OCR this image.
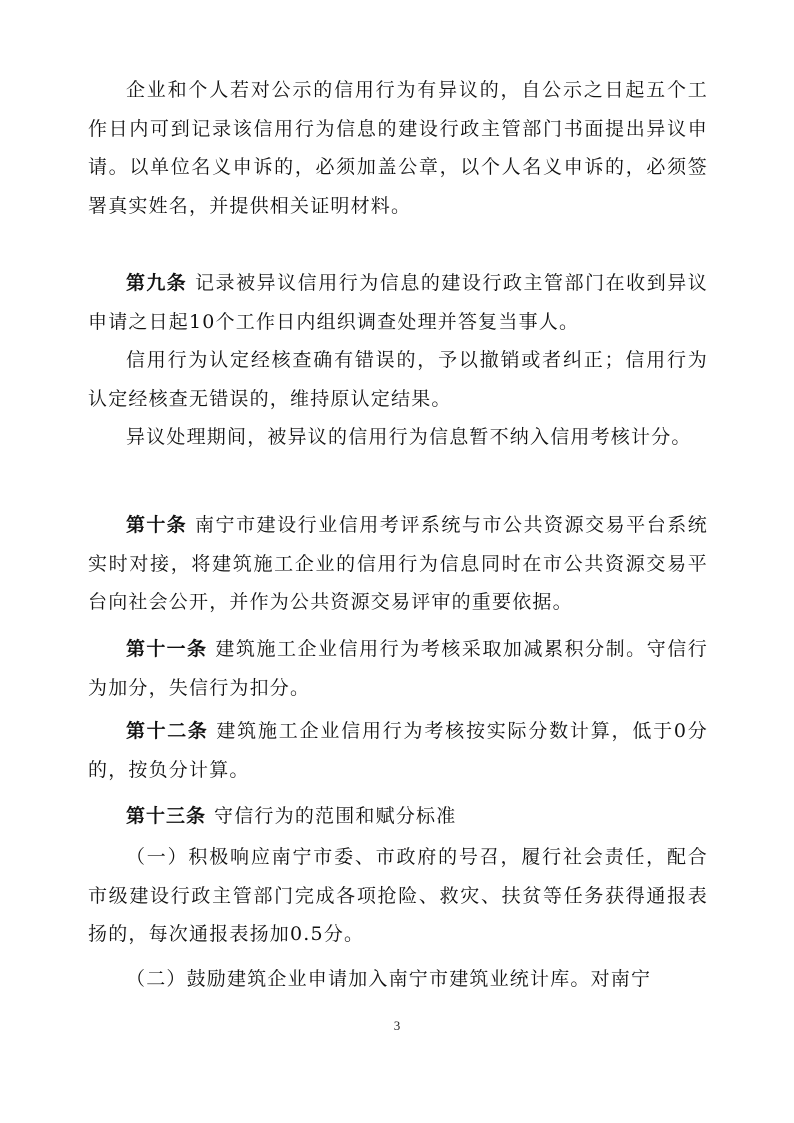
企业和个人若对公示的信用行为有异议的，自公示之日起五个工作日内可到记录该信用行为信息的建设行政主管部门书面提出异议申请。以单位名义申诉的，必须加盖公章，以个人名义申诉的，必须签署真实姓名，并提供相关证明材料。

第九条 记录被异议信用行为信息的建设行政主管部门在收到异议申请之日起10个工作日内组织调查处理并答复当事人。

信用行为认定经核查确有错误的，予以撤销或者纠正；信用行为认定经核查无错误的，维持原认定结果。

异议处理期间，被异议的信用行为信息暂不纳入信用考核计分。

第十条 南宁市建设行业信用考评系统与市公共资源交易平台系统实时对接，将建筑施工企业的信用行为信息同时在市公共资源交易平台向社会公开，并作为公共资源交易评审的重要依据。

第十一条 建筑施工企业信用行为考核采取加减累积分制。守信行为加分，失信行为扣分。

第十二条 建筑施工企业信用行为考核按实际分数计算，低于0分的，按负分计算。

第十三条 守信行为的范围和赋分标准

（一）积极响应南宁市委、市政府的号召，履行社会责任，配合市级建设行政主管部门完成各项抢险、救灾、扶贫等任务获得通报表扬的，每次通报表扬加0.5分。

（二）鼓励建筑企业申请加入南宁市建筑业统计库。对南宁

3
